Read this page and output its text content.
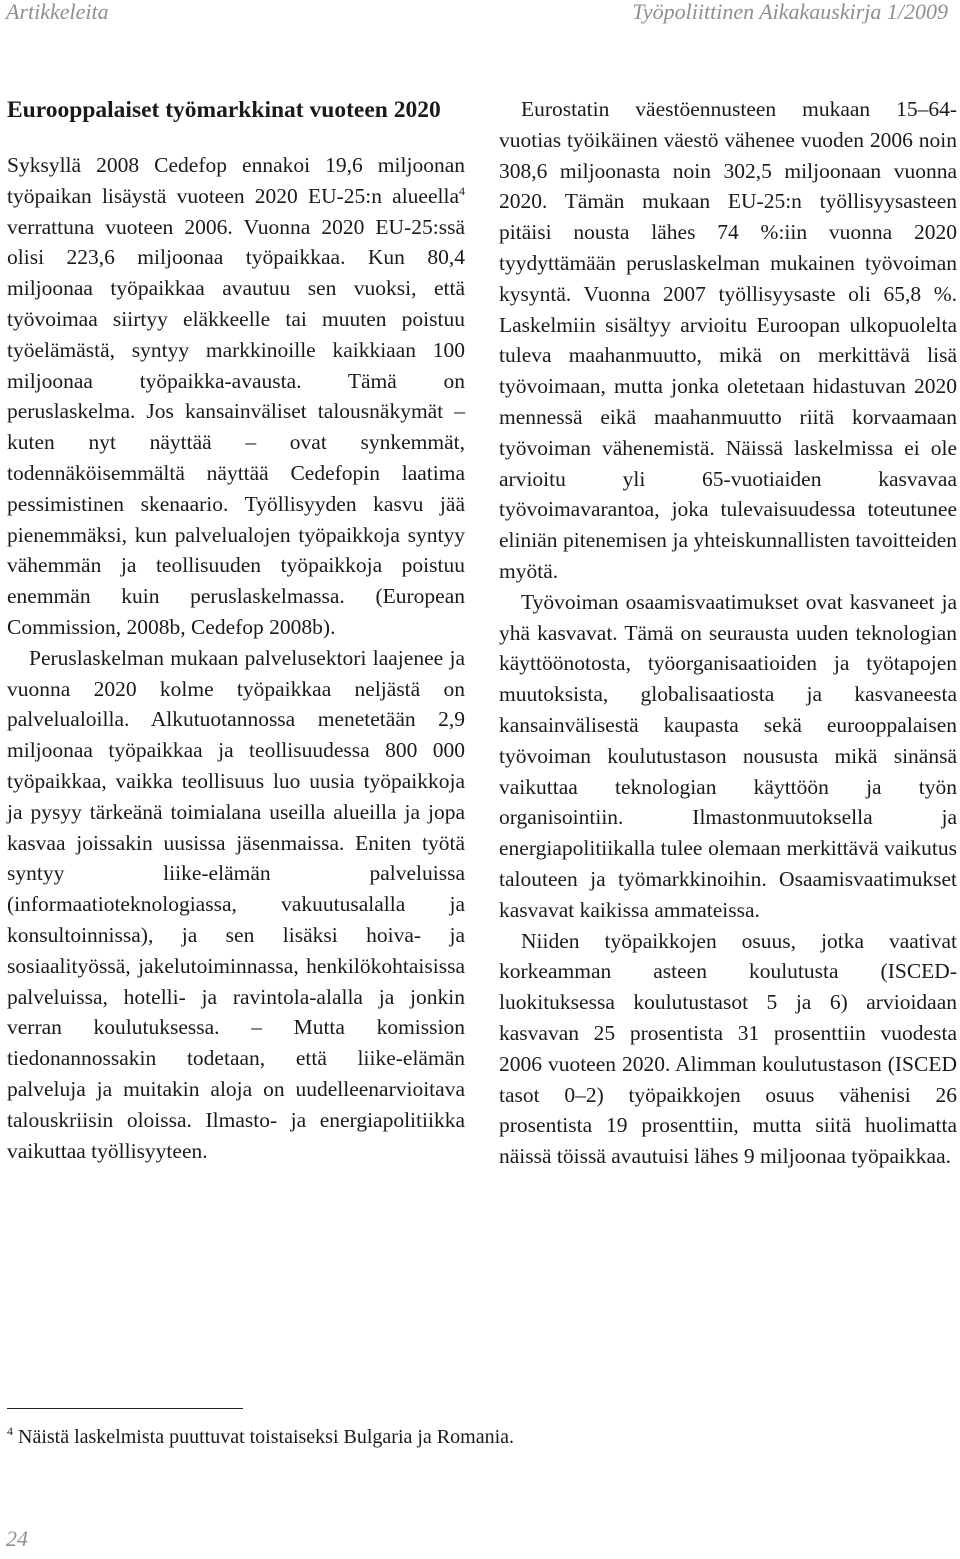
Artikkeleita	Työpoliittinen Aikakauskirja 1/2009
Eurooppalaiset työmarkkinat vuoteen 2020

Syksyllä 2008 Cedefop ennakoi 19,6 miljoonan työpaikan lisäystä vuoteen 2020 EU-25:n alueella$^4$ verrattuna vuoteen 2006. Vuonna 2020 EU-25:ssä olisi 223,6 miljoonaa työpaikkaa. Kun 80,4 miljoonaa työpaikkaa avautuu sen vuoksi, että työvoimaa siirtyy eläkkeelle tai muuten poistuu työelämästä, syntyy markkinoille kaikkiaan 100 miljoonaa työpaikka-avausta. Tämä on peruslaskelma. Jos kansainväliset talousnäkymät – kuten nyt näyttää – ovat synkemmät, todennäköisemmältä näyttää Cedefopin laatima pessimistinen skenaario. Työllisyyden kasvu jää pienemmäksi, kun palvelualojen työpaikkoja syntyy vähemmän ja teollisuuden työpaikkoja poistuu enemmän kuin peruslaskelmassa. (European Commission, 2008b, Cedefop 2008b).

Peruslaskelman mukaan palvelusektori laajenee ja vuonna 2020 kolme työpaikkaa neljästä on palvelualoilla. Alkutuotannossa menetetään 2,9 miljoonaa työpaikkaa ja teollisuudessa 800 000 työpaikkaa, vaikka teollisuus luo uusia työpaikkoja ja pysyy tärkeänä toimialana useilla alueilla ja jopa kasvaa joissakin uusissa jäsenmaissa. Eniten työtä syntyy liike-elämän palveluissa (informaatioteknologiassa, vakuutusalalla ja konsultoinnissa), ja sen lisäksi hoiva- ja sosiaalityössä, jakelutoiminnassa, henkilökohtaisissa palveluissa, hotelli- ja ravintola-alalla ja jonkin verran koulutuksessa. – Mutta komission tiedonannossakin todetaan, että liike-elämän palveluja ja muitakin aloja on uudelleenarvioitava talouskriisin oloissa. Ilmasto- ja energiapolitiikka vaikuttaa työllisyyteen.

Eurostatin väestöennusteen mukaan 15–64-vuotias työikäinen väestö vähenee vuoden 2006 noin 308,6 miljoonasta noin 302,5 miljoonaan vuonna 2020. Tämän mukaan EU-25:n työllisyysasteen pitäisi nousta lähes 74 %:iin vuonna 2020 tyydyttämään peruslaskelman mukainen työvoiman kysyntä. Vuonna 2007 työllisyysaste oli 65,8 %. Laskelmiin sisältyy arvioitu Euroopan ulkopuolelta tuleva maahanmuutto, mikä on merkittävä lisä työvoimaan, mutta jonka oletetaan hidastuvan 2020 mennessä eikä maahanmuutto riitä korvaamaan työvoiman vähenemistä. Näissä laskelmissa ei ole arvioitu yli 65-vuotiaiden kasvavaa työvoimavarantoa, joka tulevaisuudessa toteutunee eliniän pitenemisen ja yhteiskunnallisten tavoitteiden myötä.

Työvoiman osaamisvaatimukset ovat kasvaneet ja yhä kasvavat. Tämä on seurausta uuden teknologian käyttöönotosta, työorganisaatioiden ja työtapojen muutoksista, globalisaatiosta ja kasvaneesta kansainvälisestä kaupasta sekä eurooppalaisen työvoiman koulutustason noususta mikä sinänsä vaikuttaa teknologian käyttöön ja työn organisointiin. Ilmastonmuutoksella ja energiapolitiikalla tulee olemaan merkittävä vaikutus talouteen ja työmarkkinoihin. Osaamisvaatimukset kasvavat kaikissa ammateissa.

Niiden työpaikkojen osuus, jotka vaativat korkeamman asteen koulutusta (ISCED-luokituksessa koulutustasot 5 ja 6) arvioidaan kasvavan 25 prosentista 31 prosenttiin vuodesta 2006 vuoteen 2020. Alimman koulutustason (ISCED tasot 0–2) työpaikkojen osuus vähenisi 26 prosentista 19 prosenttiin, mutta siitä huolimatta näissä töissä avautuisi lähes 9 miljoonaa työpaikkaa.

$^4$ Näistä laskelmista puuttuvat toistaiseksi Bulgaria ja Romania.
24
